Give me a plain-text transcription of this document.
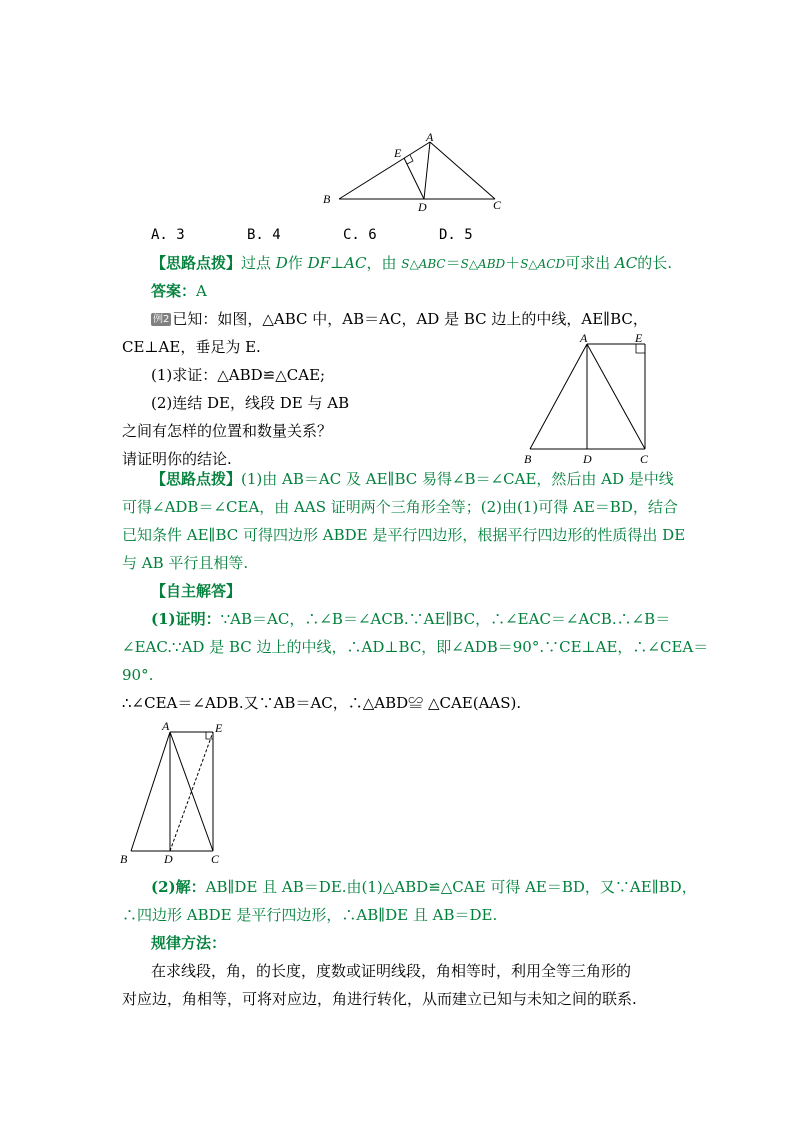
A
B	C
D
E
A. 3	B. 4	C. 6	D. 5
【思路点拨】过点 D作 DF⊥AC，由 S△ABC＝S△ABD＋S△ACD可求出 AC的长.
答案：A
例2 已知：如图，△ABC 中，AB＝AC，AD 是 BC 边上的中线，AE∥BC，
CE⊥AE，垂足为 E.
(1)求证：△ABD≌△CAE;
(2)连结 DE，线段 DE 与 AB
之间有怎样的位置和数量关系？
请证明你的结论.
A
B	C
D
E
【思路点拨】(1)由 AB＝AC 及 AE∥BC 易得∠B＝∠CAE，然后由 AD 是中线
可得∠ADB＝∠CEA，由 AAS 证明两个三角形全等；(2)由(1)可得 AE＝BD，结合
已知条件 AE∥BC 可得四边形 ABDE 是平行四边形，根据平行四边形的性质得出 DE
与 AB 平行且相等.
【自主解答】
(1)证明：∵AB＝AC，∴∠B＝∠ACB.∵AE∥BC，∴∠EAC＝∠ACB.∴∠B＝
∠EAC.∵AD 是 BC 边上的中线，∴AD⊥BC，即∠ADB＝90°.∵CE⊥AE，∴∠CEA＝
90°.
∴∠CEA＝∠ADB.又∵AB＝AC，∴△ABD≌ △CAE(AAS).
A
B	C
D
E
(2)解：AB∥DE 且 AB＝DE.由(1)△ABD≌△CAE 可得 AE＝BD，又∵AE∥BD，
∴四边形 ABDE 是平行四边形，∴AB∥DE 且 AB＝DE.
规律方法：
在求线段，角，的长度，度数或证明线段，角相等时，利用全等三角形的
对应边，角相等，可将对应边，角进行转化，从而建立已知与未知之间的联系.
